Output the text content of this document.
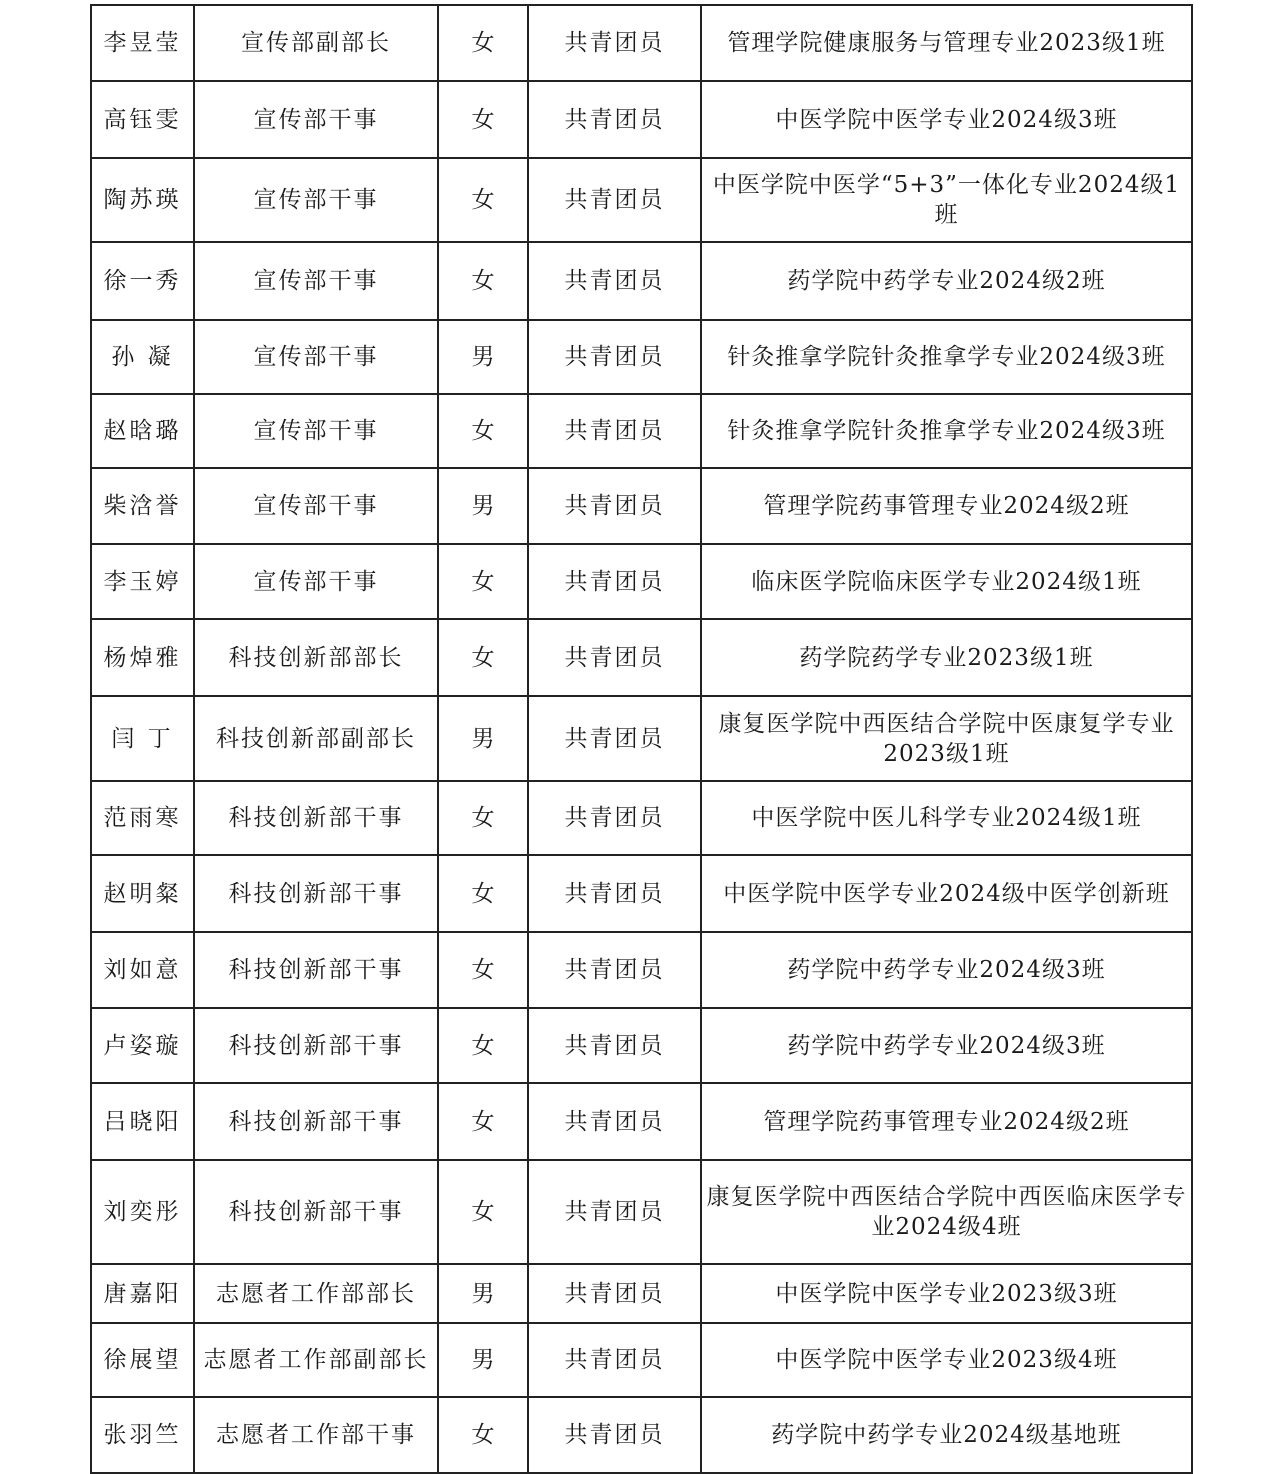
李昱莹	宣传部副部长	女	共青团员	管理学院健康服务与管理专业2023级1班
高钰雯	宣传部干事	女	共青团员	中医学院中医学专业2024级3班
陶苏瑛	宣传部干事	女	共青团员	中医学院中医学“5+3”一体化专业2024级1班
徐一秀	宣传部干事	女	共青团员	药学院中药学专业2024级2班
孙 凝	宣传部干事	男	共青团员	针灸推拿学院针灸推拿学专业2024级3班
赵晗璐	宣传部干事	女	共青团员	针灸推拿学院针灸推拿学专业2024级3班
柴浛誉	宣传部干事	男	共青团员	管理学院药事管理专业2024级2班
李玉婷	宣传部干事	女	共青团员	临床医学院临床医学专业2024级1班
杨焯雅	科技创新部部长	女	共青团员	药学院药学专业2023级1班
闫 丁	科技创新部副部长	男	共青团员	康复医学院中西医结合学院中医康复学专业2023级1班
范雨寒	科技创新部干事	女	共青团员	中医学院中医儿科学专业2024级1班
赵明粲	科技创新部干事	女	共青团员	中医学院中医学专业2024级中医学创新班
刘如意	科技创新部干事	女	共青团员	药学院中药学专业2024级3班
卢姿璇	科技创新部干事	女	共青团员	药学院中药学专业2024级3班
吕晓阳	科技创新部干事	女	共青团员	管理学院药事管理专业2024级2班
刘奕彤	科技创新部干事	女	共青团员	康复医学院中西医结合学院中西医临床医学专业2024级4班
唐嘉阳	志愿者工作部部长	男	共青团员	中医学院中医学专业2023级3班
徐展望	志愿者工作部副部长	男	共青团员	中医学院中医学专业2023级4班
张羽竺	志愿者工作部干事	女	共青团员	药学院中药学专业2024级基地班
